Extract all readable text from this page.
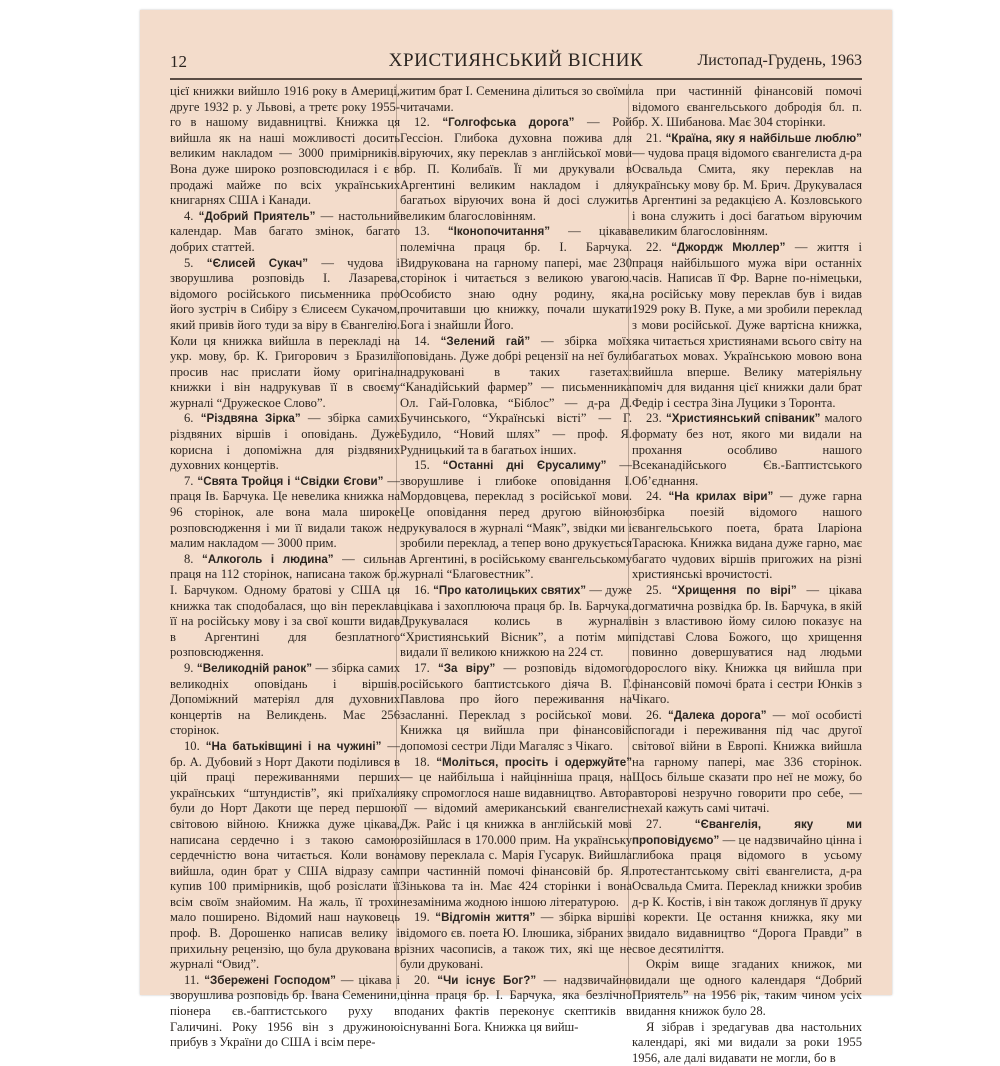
12	ХРИСТИЯНСЬКИЙ ВІСНИК	Листопад-Грудень, 1963

цієї книжки вийшло 1916 року в Америці, друге 1932 р. у Львові, а третє року 1955-го в нашому видавництві. Книжка ця вийшла як на наші можливості досить великим накладом — 3000 примірників. Вона дуже широко розповсюдилася і є в продажі майже по всіх українських книгарнях США і Канади.

4. “Добрий Приятель” — настольний календар. Мав багато змінок, багато добрих статтей.

5. “Єлисей Сукач” — чудова і зворушлива розповідь І. Лазарева, відомого російського письменника про його зустріч в Сибіру з Єлисеєм Сукачом, який привів його туди за віру в Євангелію. Коли ця книжка вийшла в перекладі на укр. мову, бр. К. Григорович з Бразилії просив нас прислати йому оригінал книжки і він надрукував її в своєму журналі “Дружеское Слово”.

6. “Різдвяна Зірка” — збірка самих різдвяних віршів і оповідань. Дуже корисна і допоміжна для різдвяних духовних концертів.

7. “Свята Тройця і “Свідки Єгови” — праця Ів. Барчука. Це невелика книжка на 96 сторінок, але вона мала широке розповсюдження і ми її видали також не малим накладом — 3000 прим.

8. “Алкоголь і людина” — сильна праця на 112 сторінок, написана також бр. І. Барчуком. Одному братові у США ця книжка так сподобалася, що він переклав її на російську мову і за свої кошти видав в Аргентині для безплатного розповсюдження.

9. “Великодній ранок” — збірка самих великодніх оповідань і віршів. Допоміжний матеріял для духовних концертів на Великдень. Має 256 сторінок.

10. “На батьківщині і на чужині” — бр. А. Дубовий з Норт Дакоти поділився в цій праці переживаннями перших українських “штундистів”, які приїхали були до Норт Дакоти ще перед першою світовою війною. Книжка дуже цікава, написана сердечно і з такою самою сердечністю вона читається. Коли вона вийшла, один брат у США відразу сам купив 100 примірників, щоб розіслати її всім своїм знайомим. На жаль, її трохи мало поширено. Відомий наш науковець проф. В. Дорошенко написав велику і прихильну рецензію, що була друкована в журналі “Овид”.

11. “Збережені Господом” — цікава і зворушлива розповідь бр. Івана Семенини, піонера єв.-баптистського руху в Галичині. Року 1956 він з дружиною прибув з України до США і всім пере-

житим брат І. Семенина ділиться зо своїми читачами.

12. “Голгофська дорога” — Рой Гессіон. Глибока духовна пожива для віруючих, яку переклав з англійської мови бр. П. Колибаїв. Її ми друкували в Аргентині великим накладом і для багатьох віруючих вона й досі служить великим благословінням.

13. “Іконопочитання” — цікава полемічна праця бр. І. Барчука. Видрукована на гарному папері, має 230 сторінок і читається з великою увагою. Особисто знаю одну родину, яка, прочитавши цю книжку, почали шукати Бога і знайшли Його.

14. “Зелений гай” — збірка моїх оповідань. Дуже добрі рецензії на неї були надруковані в таких газетах: “Канадійський фармер” — письменника Ол. Гай-Головка, “Біблос” — д-ра Д. Бучинського, “Українські вісті” — Г. Будило, “Новий шлях” — проф. Я. Рудницький та в багатьох інших.

15. “Останні дні Єрусалиму” — зворушливе і глибоке оповідання І. Мордовцева, переклад з російської мови. Це оповідання перед другою війною друкувалося в журналі “Маяк”, звідки ми і зробили переклад, а тепер воно друкується в Аргентині, в російському євангельському журналі “Благовестник”.

16. “Про католицьких святих” — дуже цікава і захоплююча праця бр. Ів. Барчука. Друкувалася колись в журналі “Християнський Вісник”, а потім ми видали її великою книжкою на 224 ст.

17. “За віру” — розповідь відомого російського баптистського діяча В. Г. Павлова про його переживання на засланні. Переклад з російської мови. Книжка ця вийшла при фінансовій допомозі сестри Ліди Магаляс з Чікаго.

18. “Моліться, просіть і одержуйте” — це найбільша і найцінніша праця, на яку спромоглося наше видавництво. Автор її — відомий американський євангелист Дж. Райс і ця книжка в англійській мові розійшлася в 170.000 прим. На українську мову переклала с. Марія Гусарук. Вийшла при частинній помочі фінансовій бр. Я. Зінькова та ін. Має 424 сторінки і вона незамінима жодною іншою літературою.

19. “Відгомін життя” — збірка віршів відомого єв. поета Ю. Ілюшика, зібраних з різних часописів, а також тих, які ще не були друковані.

20. “Чи існує Бог?” — надзвичайно цінна праця бр. І. Барчука, яка безлічно поданих фактів переконує скептиків в існуванні Бога. Книжка ця вийш-

ла при частинній фінансовій помочі відомого євангельського добродія бл. п. бр. Х. Шибанова. Має 304 сторінки.

21. “Країна, яку я найбільше люблю” — чудова праця відомого євангелиста д-ра Освальда Смита, яку переклав на українську мову бр. М. Брич. Друкувалася в Аргентині за редакцією А. Козловського і вона служить і досі багатьом віруючим великим благословінням.

22. “Джордж Мюллер” — життя і праця найбільшого мужа віри останніх часів. Написав її Фр. Варне по-німецьки, на російську мову переклав був і видав 1929 року В. Пуке, а ми зробили переклад з мови російської. Дуже вартісна книжка, яка читається християнами всього світу на багатьох мовах. Українською мовою вона вийшла вперше. Велику матеріяльну поміч для видання цієї книжки дали брат Федір і сестра Зіна Луцики з Торонта.

23. “Християнський співаник” малого формату без нот, якого ми видали на прохання особливо нашого Всеканадійського Єв.-Баптистського Об’єднання.

24. “На крилах віри” — дуже гарна збірка поезій відомого нашого євангельського поета, брата Іларіона Тарасюка. Книжка видана дуже гарно, має багато чудових віршів пригожих на різні християнські врочистості.

25. “Хрищення по вірі” — цікава догматична розвідка бр. Ів. Барчука, в якій він з властивою йому силою показує на підставі Слова Божого, що хрищення повинно довершуватися над людьми дорослого віку. Книжка ця вийшла при фінансовій помочі брата і сестри Юнків з Чікаго.

26. “Далека дорога” — мої особисті спогади і переживання під час другої світової війни в Европі. Книжка вийшла на гарному папері, має 336 сторінок. Щось більше сказати про неї не можу, бо авторові незручно говорити про себе, — нехай кажуть самі читачі.

27.	“Євангелія, яку ми проповідуємо” — це надзвичайно цінна і глибока праця відомого в усьому протестантському світі євангелиста, д-ра Освальда Смита. Переклад книжки зробив д-р К. Костів, і він також доглянув її друку і коректи. Це остання книжка, яку ми видало видавництво “Дорога Правди” в свое десятиліття.

Окрім вище згаданих книжок, ми видали ще одного календаря “Добрий Приятель” на 1956 рік, таким чином усіх видання книжок було 28.

Я зібрав і зредагував два настольних календарі, які ми видали за роки 1955 1956, але далі видавати не могли, бо в
